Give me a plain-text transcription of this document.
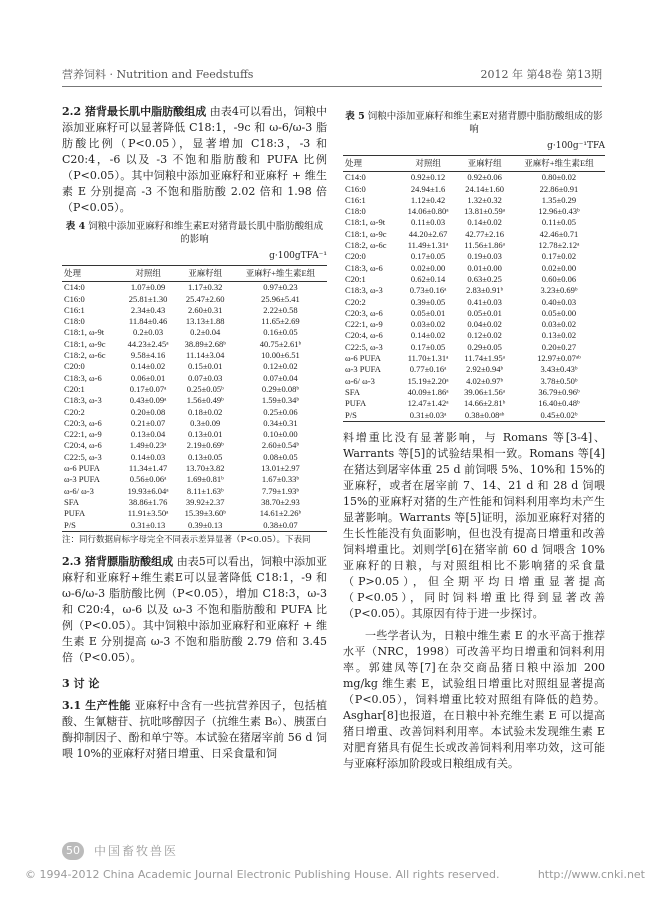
营养饲料 · Nutrition and Feedstuffs	2012 年 第48卷 第13期

2.2 猪背最长肌中脂肪酸组成 由表4可以看出，饲粮中添加亚麻籽可以显著降低 C18:1，-9c 和 ω-6/ω-3 脂肪酸比例（P<0.05），显著增加 C18:3，-3 和 C20:4，-6 以及 -3 不饱和脂肪酸和 PUFA 比例（P<0.05）。其中饲粮中添加亚麻籽和亚麻籽 + 维生素 E 分别提高 -3 不饱和脂肪酸 2.02 倍和 1.98 倍（P<0.05）。

表 4 饲粮中添加亚麻籽和维生素E对猪背最长肌中脂肪酸组成的影响
g·100gTFA⁻¹
处理	对照组	亚麻籽组	亚麻籽+维生素E组
C14:0	1.07±0.09	1.17±0.32	0.97±0.23
C16:0	25.81±1.30	25.47±2.60	25.96±5.41
C16:1	2.34±0.43	2.60±0.31	2.22±0.58
C18:0	11.84±0.46	13.13±1.88	11.65±2.69
C18:1, ω-9t	0.2±0.03	0.2±0.04	0.16±0.05
C18:1, ω-9c	44.23±2.45ᵃ	38.89±2.68ᵇ	40.75±2.61ᵇ
C18:2, ω-6c	9.58±4.16	11.14±3.04	10.00±6.51
C20:0	0.14±0.02	0.15±0.01	0.12±0.02
C18:3, ω-6	0.06±0.01	0.07±0.03	0.07±0.04
C20:1	0.17±0.07ᵃ	0.25±0.05ᵇ	0.29±0.08ᵇ
C18:3, ω-3	0.43±0.09ᵃ	1.56±0.49ᵇ	1.59±0.34ᵇ
C20:2	0.20±0.08	0.18±0.02	0.25±0.06
C20:3, ω-6	0.21±0.07	0.3±0.09	0.34±0.31
C22:1, ω-9	0.13±0.04	0.13±0.01	0.10±0.00
C20:4, ω-6	1.49±0.23ᵃ	2.19±0.69ᵇ	2.60±0.54ᵇ
C22:5, ω-3	0.14±0.03	0.13±0.05	0.08±0.05
ω-6 PUFA	11.34±1.47	13.70±3.82	13.01±2.97
ω-3 PUFA	0.56±0.06ᵃ	1.69±0.81ᵇ	1.67±0.33ᵇ
ω-6/ ω-3	19.93±6.04ᵃ	8.11±1.63ᵇ	7.79±1.93ᵇ
SFA	38.86±1.76	39.92±2.37	38.70±2.93
PUFA	11.91±3.50ᵃ	15.39±3.60ᵇ	14.61±2.26ᵇ
P/S	0.31±0.13	0.39±0.13	0.38±0.07
注：同行数据肩标字母完全不同表示差异显著（P<0.05）。下表同

2.3 猪背膘脂肪酸组成 由表5可以看出，饲粮中添加亚麻籽和亚麻籽+维生素E可以显著降低 C18:1，-9 和 ω-6/ω-3 脂肪酸比例（P<0.05），增加 C18:3，ω-3 和 C20:4，ω-6 以及 ω-3 不饱和脂肪酸和 PUFA 比例（P<0.05）。其中饲粮中添加亚麻籽和亚麻籽 + 维生素 E 分别提高 ω-3 不饱和脂肪酸 2.79 倍和 3.45 倍（P<0.05）。

3 讨 论

3.1 生产性能 亚麻籽中含有一些抗营养因子，包括植酸、生氰糖苷、抗吡哆醇因子（抗维生素 B₆）、胰蛋白酶抑制因子、酚和单宁等。本试验在猪屠宰前 56 d 饲喂 10%的亚麻籽对猪日增重、日采食量和饲

表 5 饲粮中添加亚麻籽和维生素E对猪背膘中脂肪酸组成的影响
g·100g⁻¹TFA
处理	对照组	亚麻籽组	亚麻籽+维生素E组
C14:0	0.92±0.12	0.92±0.06	0.80±0.02
C16:0	24.94±1.6	24.14±1.60	22.86±0.91
C16:1	1.12±0.42	1.32±0.32	1.35±0.29
C18:0	14.06±0.80ᵃ	13.81±0.59ᵃ	12.96±0.43ᵇ
C18:1, ω-9t	0.11±0.03	0.14±0.02	0.11±0.05
C18:1, ω-9c	44.20±2.67	42.77±2.16	42.46±0.71
C18:2, ω-6c	11.49±1.31ᵃ	11.56±1.86ᵃ	12.78±2.12ᵃ
C20:0	0.17±0.05	0.19±0.03	0.17±0.02
C18:3, ω-6	0.02±0.00	0.01±0.00	0.02±0.00
C20:1	0.62±0.14	0.63±0.25	0.60±0.06
C18:3, ω-3	0.73±0.16ᵃ	2.83±0.91ᵇ	3.23±0.69ᵇ
C20:2	0.39±0.05	0.41±0.03	0.40±0.03
C20:3, ω-6	0.05±0.01	0.05±0.01	0.05±0.00
C22:1, ω-9	0.03±0.02	0.04±0.02	0.03±0.02
C20:4, ω-6	0.14±0.02	0.12±0.02	0.13±0.02
C22:5, ω-3	0.17±0.05	0.29±0.05	0.20±0.27
ω-6 PUFA	11.70±1.31ᵃ	11.74±1.95ᵃ	12.97±0.07ᵃᵇ
ω-3 PUFA	0.77±0.16ᵃ	2.92±0.94ᵇ	3.43±0.43ᵇ
ω-6/ ω-3	15.19±2.20ᵃ	4.02±0.97ᵇ	3.78±0.50ᵇ
SFA	40.09±1.86ᵃ	39.06±1.56ᵃ	36.79±0.96ᵇ
PUFA	12.47±1.42ᵃ	14.66±2.81ᵇ	16.40±0.48ᵇ
P/S	0.31±0.03ᵃ	0.38±0.08ᵃᵇ	0.45±0.02ᵇ

料增重比没有显著影响，与 Romans 等[3-4]、Warrants 等[5]的试验结果相一致。Romans 等[4]在猪达到屠宰体重 25 d 前饲喂 5%、10%和 15%的亚麻籽，或者在屠宰前 7、14、21 d 和 28 d 饲喂 15%的亚麻籽对猪的生产性能和饲料利用率均未产生显著影响。Warrants 等[5]证明，添加亚麻籽对猪的生长性能没有负面影响，但也没有提高日增重和改善饲料增重比。刘则学[6]在猪宰前 60 d 饲喂含 10%亚麻籽的日粮，与对照组相比不影响猪的采食量（P>0.05），但全期平均日增重显著提高（P<0.05），同时饲料增重比得到显著改善（P<0.05）。其原因有待于进一步探讨。

一些学者认为，日粮中维生素 E 的水平高于推荐水平（NRC，1998）可改善平均日增重和饲料利用率。郭建凤等[7]在杂交商品猪日粮中添加 200 mg/kg 维生素 E，试验组日增重比对照组显著提高（P<0.05），饲料增重比较对照组有降低的趋势。Asghar[8]也报道，在日粮中补充维生素 E 可以提高猪日增重、改善饲料利用率。本试验未发现维生素 E 对肥育猪具有促生长或改善饲料利用率功效，这可能与亚麻籽添加阶段或日粮组成有关。

50	中国畜牧兽医
© 1994-2012 China Academic Journal Electronic Publishing House. All rights reserved.	http://www.cnki.net
